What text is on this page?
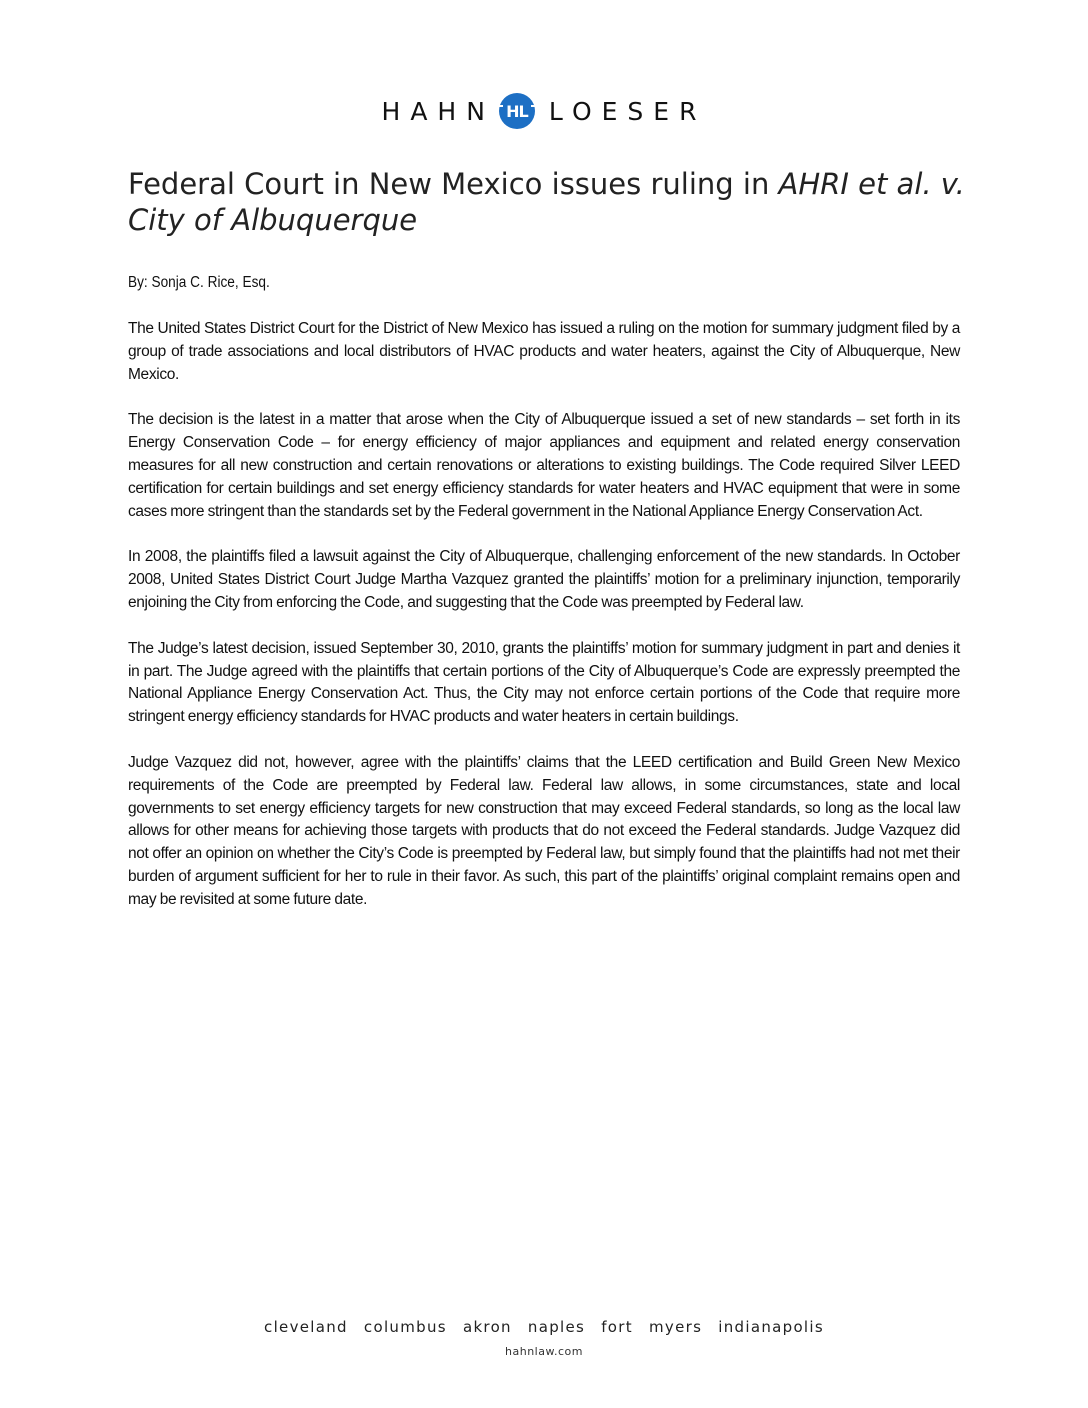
HAHN HL LOESER
Federal Court in New Mexico issues ruling in AHRI et al. v. City of Albuquerque
By: Sonja C. Rice, Esq.

The United States District Court for the District of New Mexico has issued a ruling on the motion for summary judgment filed by a group of trade associations and local distributors of HVAC products and water heaters, against the City of Albuquerque, New Mexico.

The decision is the latest in a matter that arose when the City of Albuquerque issued a set of new standards – set forth in its Energy Conservation Code – for energy efficiency of major appliances and equipment and related energy conservation measures for all new construction and certain renovations or alterations to existing buildings. The Code required Silver LEED certification for certain buildings and set energy efficiency standards for water heaters and HVAC equipment that were in some cases more stringent than the standards set by the Federal government in the National Appliance Energy Conservation Act.

In 2008, the plaintiffs filed a lawsuit against the City of Albuquerque, challenging enforcement of the new standards. In October 2008, United States District Court Judge Martha Vazquez granted the plaintiffs’ motion for a preliminary injunction, temporarily enjoining the City from enforcing the Code, and suggesting that the Code was preempted by Federal law.

The Judge’s latest decision, issued September 30, 2010, grants the plaintiffs’ motion for summary judgment in part and denies it in part. The Judge agreed with the plaintiffs that certain portions of the City of Albuquerque’s Code are expressly preempted the National Appliance Energy Conservation Act. Thus, the City may not enforce certain portions of the Code that require more stringent energy efficiency standards for HVAC products and water heaters in certain buildings.

Judge Vazquez did not, however, agree with the plaintiffs’ claims that the LEED certification and Build Green New Mexico requirements of the Code are preempted by Federal law. Federal law allows, in some circumstances, state and local governments to set energy efficiency targets for new construction that may exceed Federal standards, so long as the local law allows for other means for achieving those targets with products that do not exceed the Federal standards. Judge Vazquez did not offer an opinion on whether the City’s Code is preempted by Federal law, but simply found that the plaintiffs had not met their burden of argument sufficient for her to rule in their favor. As such, this part of the plaintiffs’ original complaint remains open and may be revisited at some future date.

cleveland columbus akron naples fort myers indianapolis
hahnlaw.com
